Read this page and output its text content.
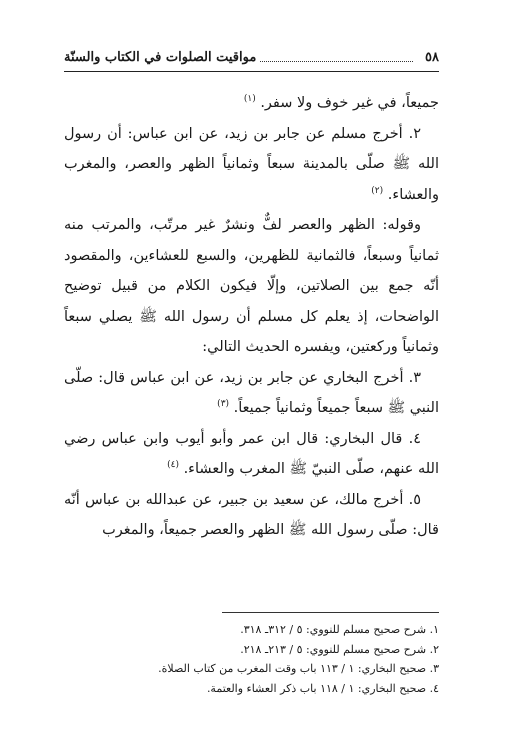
٥٨
مواقيت الصلوات في الكتاب والسنّة

جميعاً، في غير خوف ولا سفر. $^{(١)}$

٢. أخرج مسلم عن جابر بن زيد، عن ابن عباس: أن رسول الله ﷺ صلّى بالمدينة سبعاً وثمانياً الظهر والعصر، والمغرب والعشاء. $^{(٢)}$

وقوله: الظهر والعصر لفٌّ ونشرٌ غير مرتّب، والمرتب منه ثمانياً وسبعاً، فالثمانية للظهرين، والسبع للعشاءين، والمقصود أنّه جمع بين الصلاتين، وإلّا فيكون الكلام من قبيل توضيح الواضحات، إذ يعلم كل مسلم أن رسول الله ﷺ يصلي سبعاً وثمانياً وركعتين، ويفسره الحديث التالي:

٣. أخرج البخاري عن جابر بن زيد، عن ابن عباس قال: صلّى النبي ﷺ سبعاً جميعاً وثمانياً جميعاً. $^{(٣)}$

٤. قال البخاري: قال ابن عمر وأبو أيوب وابن عباس رضي الله عنهم، صلّى النبيّ ﷺ المغرب والعشاء. $^{(٤)}$

٥. أخرج مالك، عن سعيد بن جبير، عن عبدالله بن عباس أنّه قال: صلّى رسول الله ﷺ الظهر والعصر جميعاً، والمغرب

١. شرح صحيح مسلم للنووي: ٥ / ٣١٢ـ ٣١٨.
٢. شرح صحيح مسلم للنووي: ٥ / ٢١٣ـ ٢١٨.
٣. صحيح البخاري: ١ / ١١٣ باب وقت المغرب من كتاب الصلاة.
٤. صحيح البخاري: ١ / ١١٨ باب ذكر العشاء والعتمة.
